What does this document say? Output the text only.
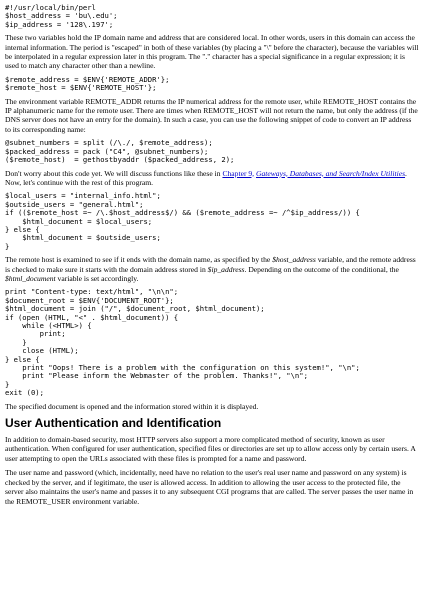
#!/usr/local/bin/perl
$host_address = 'bu\.edu';
$ip_address = '128\.197';

These two variables hold the IP domain name and address that are considered local. In other words, users in this domain can access the internal information. The period is "escaped" in both of these variables (by placing a "\" before the character), because the variables will be interpolated in a regular expression later in this program. The "." character has a special significance in a regular expression; it is used to match any character other than a newline.

$remote_address = $ENV{'REMOTE_ADDR'};
$remote_host = $ENV{'REMOTE_HOST'};

The environment variable REMOTE_ADDR returns the IP numerical address for the remote user, while REMOTE_HOST contains the IP alphanumeric name for the remote user. There are times when REMOTE_HOST will not return the name, but only the address (if the DNS server does not have an entry for the domain). In such a case, you can use the following snippet of code to convert an IP address to its corresponding name:

@subnet_numbers = split (/\./, $remote_address);
$packed_address = pack ("C4", @subnet_numbers);
($remote_host)  = gethostbyaddr ($packed_address, 2);

Don't worry about this code yet. We will discuss functions like these in Chapter 9, Gateways, Databases, and Search/Index Utilities. Now, let's continue with the rest of this program.

$local_users = "internal_info.html";
$outside_users = "general.html";
if (($remote_host =~ /\.$host_address$/) && ($remote_address =~ /^$ip_address/)) {
$html_document = $local_users;
} else {
$html_document = $outside_users;
}

The remote host is examined to see if it ends with the domain name, as specified by the $host_address variable, and the remote address is checked to make sure it starts with the domain address stored in $ip_address. Depending on the outcome of the conditional, the $html_document variable is set accordingly.

print "Content-type: text/html", "\n\n";
$document_root = $ENV{'DOCUMENT_ROOT'};
$html_document = join ("/", $document_root, $html_document);
if (open (HTML, "<" . $html_document)) {
while (<HTML>) {
print;
}
close (HTML);
} else {
print "Oops! There is a problem with the configuration on this system!", "\n";
print "Please inform the Webmaster of the problem. Thanks!", "\n";
}
exit (0);

The specified document is opened and the information stored within it is displayed.

User Authentication and Identification

In addition to domain-based security, most HTTP servers also support a more complicated method of security, known as user authentication. When configured for user authentication, specified files or directories are set up to allow access only by certain users. A user attempting to open the URLs associated with these files is prompted for a name and password.

The user name and password (which, incidentally, need have no relation to the user's real user name and password on any system) is checked by the server, and if legitimate, the user is allowed access. In addition to allowing the user access to the protected file, the server also maintains the user's name and passes it to any subsequent CGI programs that are called. The server passes the user name in the REMOTE_USER environment variable.
